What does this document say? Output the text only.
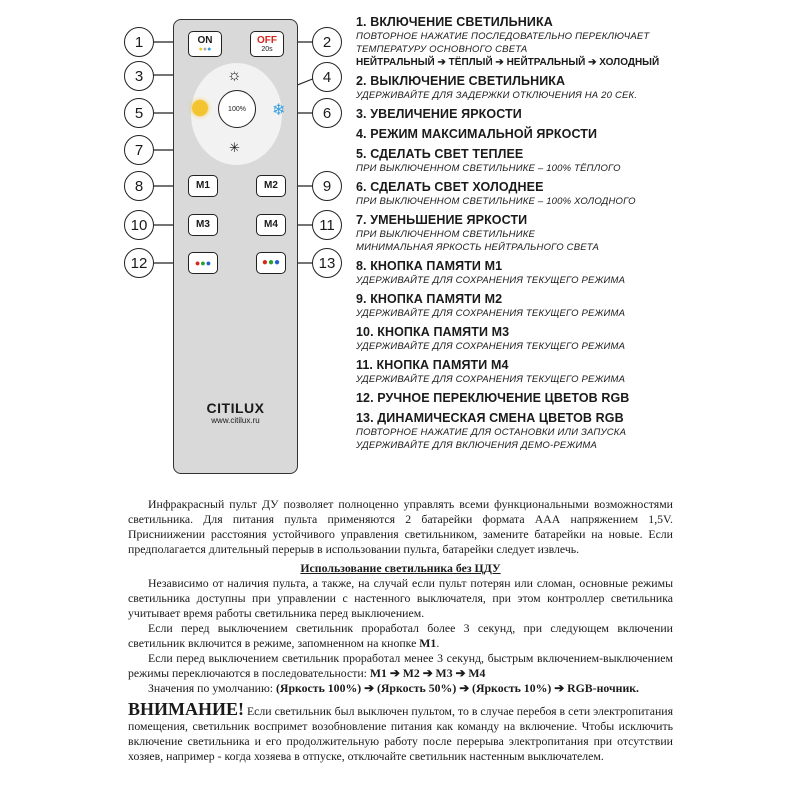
1	2
3	4
5	6
7
8	9
10	11
12	13
ON
●●●
OFF
20s
☼
❄
100%
✳
M1	M2
M3	M4
●●●	●●●
CITILUX
www.citilux.ru
1. ВКЛЮЧЕНИЕ СВЕТИЛЬНИКА
ПОВТОРНОЕ НАЖАТИЕ ПОСЛЕДОВАТЕЛЬНО ПЕРЕКЛЮЧАЕТ
ТЕМПЕРАТУРУ ОСНОВНОГО СВЕТА
НЕЙТРАЛЬНЫЙ ➔ ТЁПЛЫЙ ➔ НЕЙТРАЛЬНЫЙ ➔ ХОЛОДНЫЙ
2. ВЫКЛЮЧЕНИЕ СВЕТИЛЬНИКА
УДЕРЖИВАЙТЕ ДЛЯ ЗАДЕРЖКИ ОТКЛЮЧЕНИЯ НА 20 СЕК.
3. УВЕЛИЧЕНИЕ ЯРКОСТИ
4. РЕЖИМ МАКСИМАЛЬНОЙ ЯРКОСТИ
5. СДЕЛАТЬ СВЕТ ТЕПЛЕЕ
ПРИ ВЫКЛЮЧЕННОМ СВЕТИЛЬНИКЕ – 100% ТЁПЛОГО
6. СДЕЛАТЬ СВЕТ ХОЛОДНЕЕ
ПРИ ВЫКЛЮЧЕННОМ СВЕТИЛЬНИКЕ – 100% ХОЛОДНОГО
7. УМЕНЬШЕНИЕ ЯРКОСТИ
ПРИ ВЫКЛЮЧЕННОМ СВЕТИЛЬНИКЕ
МИНИМАЛЬНАЯ ЯРКОСТЬ НЕЙТРАЛЬНОГО СВЕТА
8. КНОПКА ПАМЯТИ М1
УДЕРЖИВАЙТЕ ДЛЯ СОХРАНЕНИЯ ТЕКУЩЕГО РЕЖИМА
9. КНОПКА ПАМЯТИ М2
УДЕРЖИВАЙТЕ ДЛЯ СОХРАНЕНИЯ ТЕКУЩЕГО РЕЖИМА
10. КНОПКА ПАМЯТИ М3
УДЕРЖИВАЙТЕ ДЛЯ СОХРАНЕНИЯ ТЕКУЩЕГО РЕЖИМА
11. КНОПКА ПАМЯТИ М4
УДЕРЖИВАЙТЕ ДЛЯ СОХРАНЕНИЯ ТЕКУЩЕГО РЕЖИМА
12. РУЧНОЕ ПЕРЕКЛЮЧЕНИЕ ЦВЕТОВ RGB
13. ДИНАМИЧЕСКАЯ СМЕНА ЦВЕТОВ RGB
ПОВТОРНОЕ НАЖАТИЕ ДЛЯ ОСТАНОВКИ ИЛИ ЗАПУСКА
УДЕРЖИВАЙТЕ ДЛЯ ВКЛЮЧЕНИЯ ДЕМО-РЕЖИМА

Инфракрасный пульт ДУ позволяет полноценно управлять всеми функциональными возможностями светильника. Для питания пульта применяются 2 батарейки формата ААА напряжением 1,5V. Присниижении расстояния устойчивого управления светильником, замените батарейки на новые. Если предполагается длительный перерыв в использовании пульта, батарейки следует извлечь.

Использование светильника без ЦДУ

Независимо от наличия пульта, а также, на случай если пульт потерян или сломан, основные режимы светильника доступны при управлении с настенного выключателя, при этом контроллер светильника учитывает время работы светильника перед выключением.

Если перед выключением светильник проработал более 3 секунд, при следующем включении светильник включится в режиме, запомненном на кнопке М1.

Если перед выключением светильник проработал менее 3 секунд, быстрым включением-выключением режимы переключаются в последовательности: М1 ➔ М2 ➔ М3 ➔ М4

Значения по умолчанию: (Яркость 100%) ➔ (Яркость 50%) ➔ (Яркость 10%) ➔ RGB-ночник.

ВНИМАНИЕ! Если светильник был выключен пультом, то в случае перебоя в сети электропитания помещения, светильник воспримет возобновление питания как команду на включение. Чтобы исключить включение светильника и его продолжительную работу после перерыва электропитания при отсутствии хозяев, например - когда хозяева в отпуске, отключайте светильник настенным выключателем.
